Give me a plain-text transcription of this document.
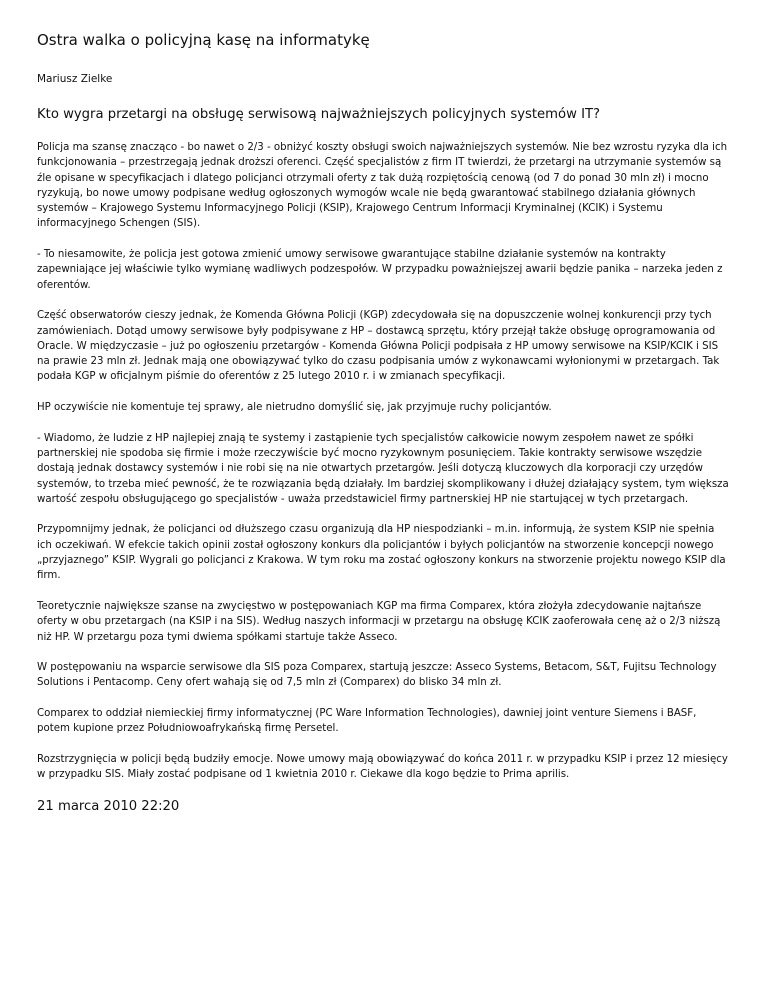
Ostra walka o policyjną kasę na informatykę

Mariusz Zielke

Kto wygra przetargi na obsługę serwisową najważniejszych policyjnych systemów IT?

Policja ma szansę znacząco - bo nawet o 2/3 - obniżyć koszty obsługi swoich najważniejszych systemów. Nie bez wzrostu ryzyka dla ich funkcjonowania – przestrzegają jednak droższi oferenci. Część specjalistów z firm IT twierdzi, że przetargi na utrzymanie systemów są źle opisane w specyfikacjach i dlatego policjanci otrzymali oferty z tak dużą rozpiętością cenową (od 7 do ponad 30 mln zł) i mocno ryzykują, bo nowe umowy podpisane według ogłoszonych wymogów wcale nie będą gwarantować stabilnego działania głównych systemów – Krajowego Systemu Informacyjnego Policji (KSIP), Krajowego Centrum Informacji Kryminalnej (KCIK) i Systemu informacyjnego Schengen (SIS).

- To niesamowite, że policja jest gotowa zmienić umowy serwisowe gwarantujące stabilne działanie systemów na kontrakty zapewniające jej właściwie tylko wymianę wadliwych podzespołów. W przypadku poważniejszej awarii będzie panika – narzeka jeden z oferentów.

Część obserwatorów cieszy jednak, że Komenda Główna Policji (KGP) zdecydowała się na dopuszczenie wolnej konkurencji przy tych zamówieniach. Dotąd umowy serwisowe były podpisywane z HP – dostawcą sprzętu, który przejął także obsługę oprogramowania od Oracle. W międzyczasie – już po ogłoszeniu przetargów - Komenda Główna Policji podpisała z HP umowy serwisowe na KSIP/KCIK i SIS na prawie 23 mln zł. Jednak mają one obowiązywać tylko do czasu podpisania umów z wykonawcami wyłonionymi w przetargach. Tak podała KGP w oficjalnym piśmie do oferentów z 25 lutego 2010 r. i w zmianach specyfikacji.

HP oczywiście nie komentuje tej sprawy, ale nietrudno domyślić się, jak przyjmuje ruchy policjantów.

- Wiadomo, że ludzie z HP najlepiej znają te systemy i zastąpienie tych specjalistów całkowicie nowym zespołem nawet ze spółki partnerskiej nie spodoba się firmie i może rzeczywiście być mocno ryzykownym posunięciem. Takie kontrakty serwisowe wszędzie dostają jednak dostawcy systemów i nie robi się na nie otwartych przetargów. Jeśli dotyczą kluczowych dla korporacji czy urzędów systemów, to trzeba mieć pewność, że te rozwiązania będą działały. Im bardziej skomplikowany i dłużej działający system, tym większa wartość zespołu obsługującego go specjalistów - uważa przedstawiciel firmy partnerskiej HP nie startującej w tych przetargach.

Przypomnijmy jednak, że policjanci od dłuższego czasu organizują dla HP niespodzianki – m.in. informują, że system KSIP nie spełnia ich oczekiwań. W efekcie takich opinii został ogłoszony konkurs dla policjantów i byłych policjantów na stworzenie koncepcji nowego „przyjaznego” KSIP. Wygrali go policjanci z Krakowa. W tym roku ma zostać ogłoszony konkurs na stworzenie projektu nowego KSIP dla firm.

Teoretycznie największe szanse na zwycięstwo w postępowaniach KGP ma firma Comparex, która złożyła zdecydowanie najtańsze oferty w obu przetargach (na KSIP i na SIS). Według naszych informacji w przetargu na obsługę KCIK zaoferowała cenę aż o 2/3 niższą niż HP. W przetargu poza tymi dwiema spółkami startuje także Asseco.

W postępowaniu na wsparcie serwisowe dla SIS poza Comparex, startują jeszcze: Asseco Systems, Betacom, S&T, Fujitsu Technology Solutions i Pentacomp. Ceny ofert wahają się od 7,5 mln zł (Comparex) do blisko 34 mln zł.

Comparex to oddział niemieckiej firmy informatycznej (PC Ware Information Technologies), dawniej joint venture Siemens i BASF, potem kupione przez Południowoafrykańską firmę Persetel.

Rozstrzygnięcia w policji będą budziły emocje. Nowe umowy mają obowiązywać do końca 2011 r. w przypadku KSIP i przez 12 miesięcy w przypadku SIS. Miały zostać podpisane od 1 kwietnia 2010 r. Ciekawe dla kogo będzie to Prima aprilis.

21 marca 2010 22:20
